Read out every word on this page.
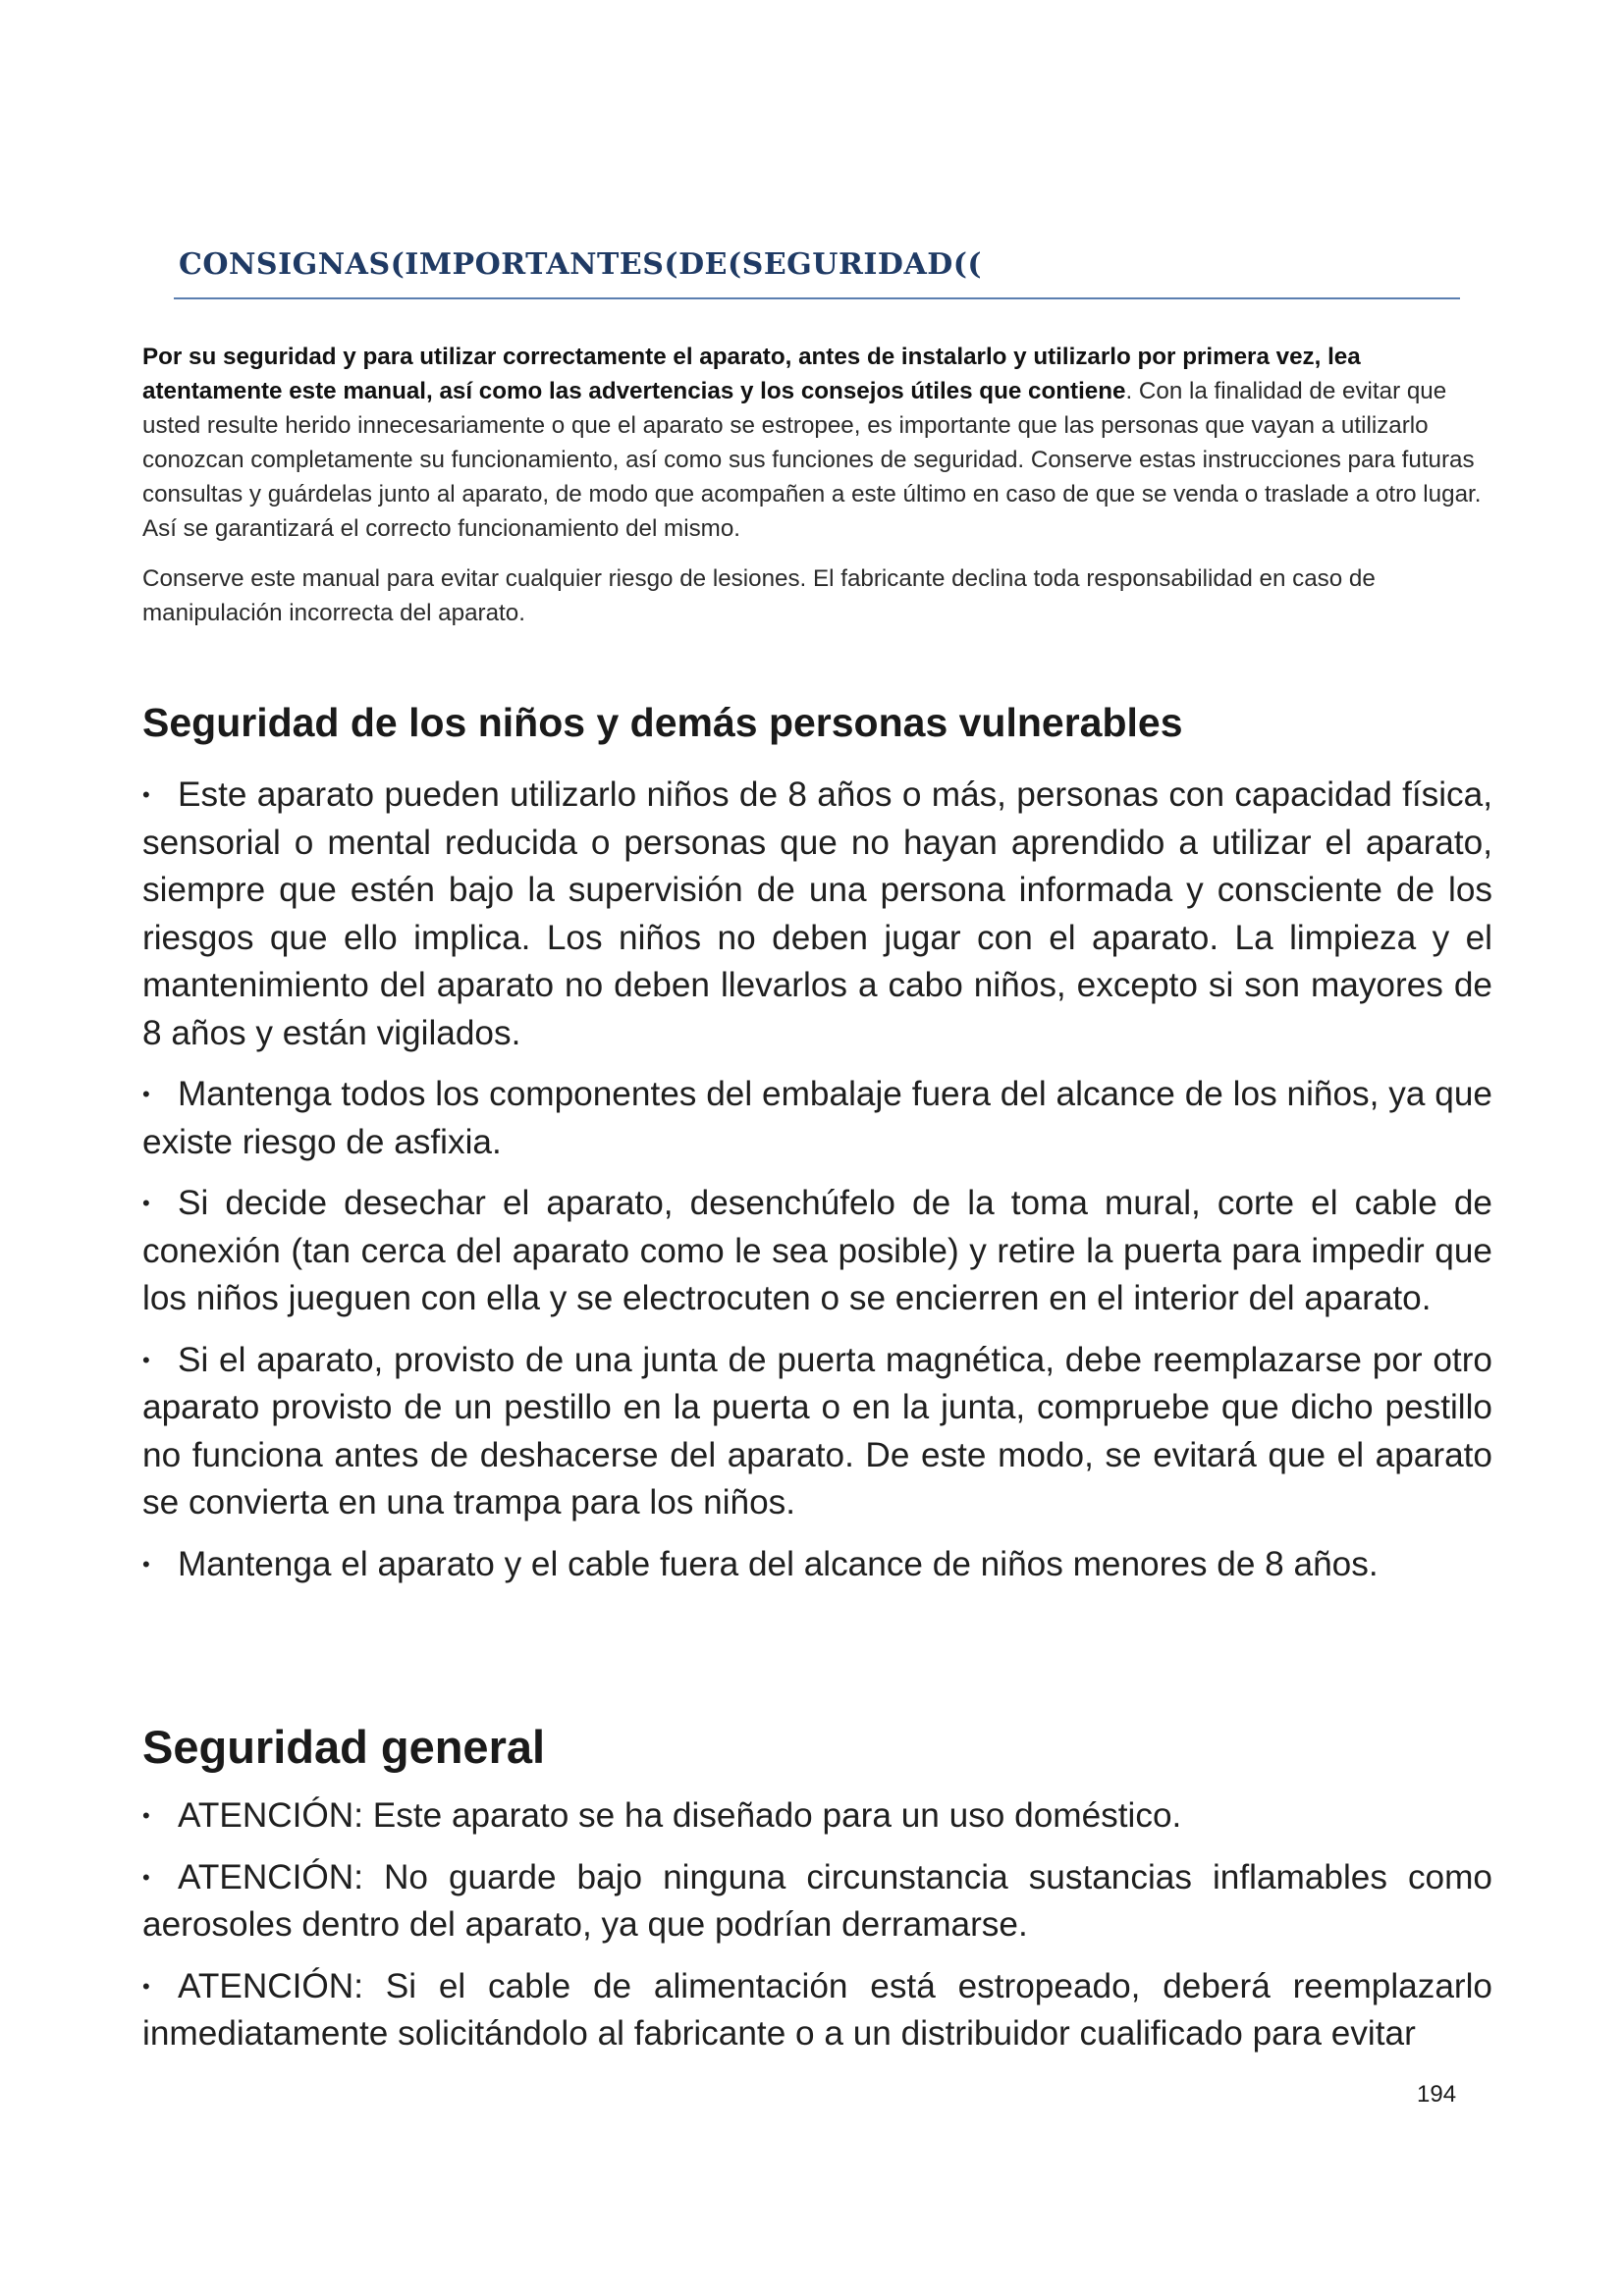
CONSIGNAS(IMPORTANTES(DE(SEGURIDAD((

Por su seguridad y para utilizar correctamente el aparato, antes de instalarlo y utilizarlo por primera vez, lea atentamente este manual, así como las advertencias y los consejos útiles que contiene. Con la finalidad de evitar que usted resulte herido innecesariamente o que el aparato se estropee, es importante que las personas que vayan a utilizarlo conozcan completamente su funcionamiento, así como sus funciones de seguridad. Conserve estas instrucciones para futuras consultas y guárdelas junto al aparato, de modo que acompañen a este último en caso de que se venda o traslade a otro lugar. Así se garantizará el correcto funcionamiento del mismo.

Conserve este manual para evitar cualquier riesgo de lesiones. El fabricante declina toda responsabilidad en caso de manipulación incorrecta del aparato.

Seguridad de los niños y demás personas vulnerables
• Este aparato pueden utilizarlo niños de 8 años o más, personas con capacidad física, sensorial o mental reducida o personas que no hayan aprendido a utilizar el aparato, siempre que estén bajo la supervisión de una persona informada y consciente de los riesgos que ello implica. Los niños no deben jugar con el aparato. La limpieza y el mantenimiento del aparato no deben llevarlos a cabo niños, excepto si son mayores de 8 años y están vigilados.
• Mantenga todos los componentes del embalaje fuera del alcance de los niños, ya que existe riesgo de asfixia.
• Si decide desechar el aparato, desenchúfelo de la toma mural, corte el cable de conexión (tan cerca del aparato como le sea posible) y retire la puerta para impedir que los niños jueguen con ella y se electrocuten o se encierren en el interior del aparato.
• Si el aparato, provisto de una junta de puerta magnética, debe reemplazarse por otro aparato provisto de un pestillo en la puerta o en la junta, compruebe que dicho pestillo no funciona antes de deshacerse del aparato. De este modo, se evitará que el aparato se convierta en una trampa para los niños.
• Mantenga el aparato y el cable fuera del alcance de niños menores de 8 años.
Seguridad general
• ATENCIÓN: Este aparato se ha diseñado para un uso doméstico.
• ATENCIÓN: No guarde bajo ninguna circunstancia sustancias inflamables como aerosoles dentro del aparato, ya que podrían derramarse.
• ATENCIÓN: Si el cable de alimentación está estropeado, deberá reemplazarlo inmediatamente solicitándolo al fabricante o a un distribuidor cualificado para evitar
194
